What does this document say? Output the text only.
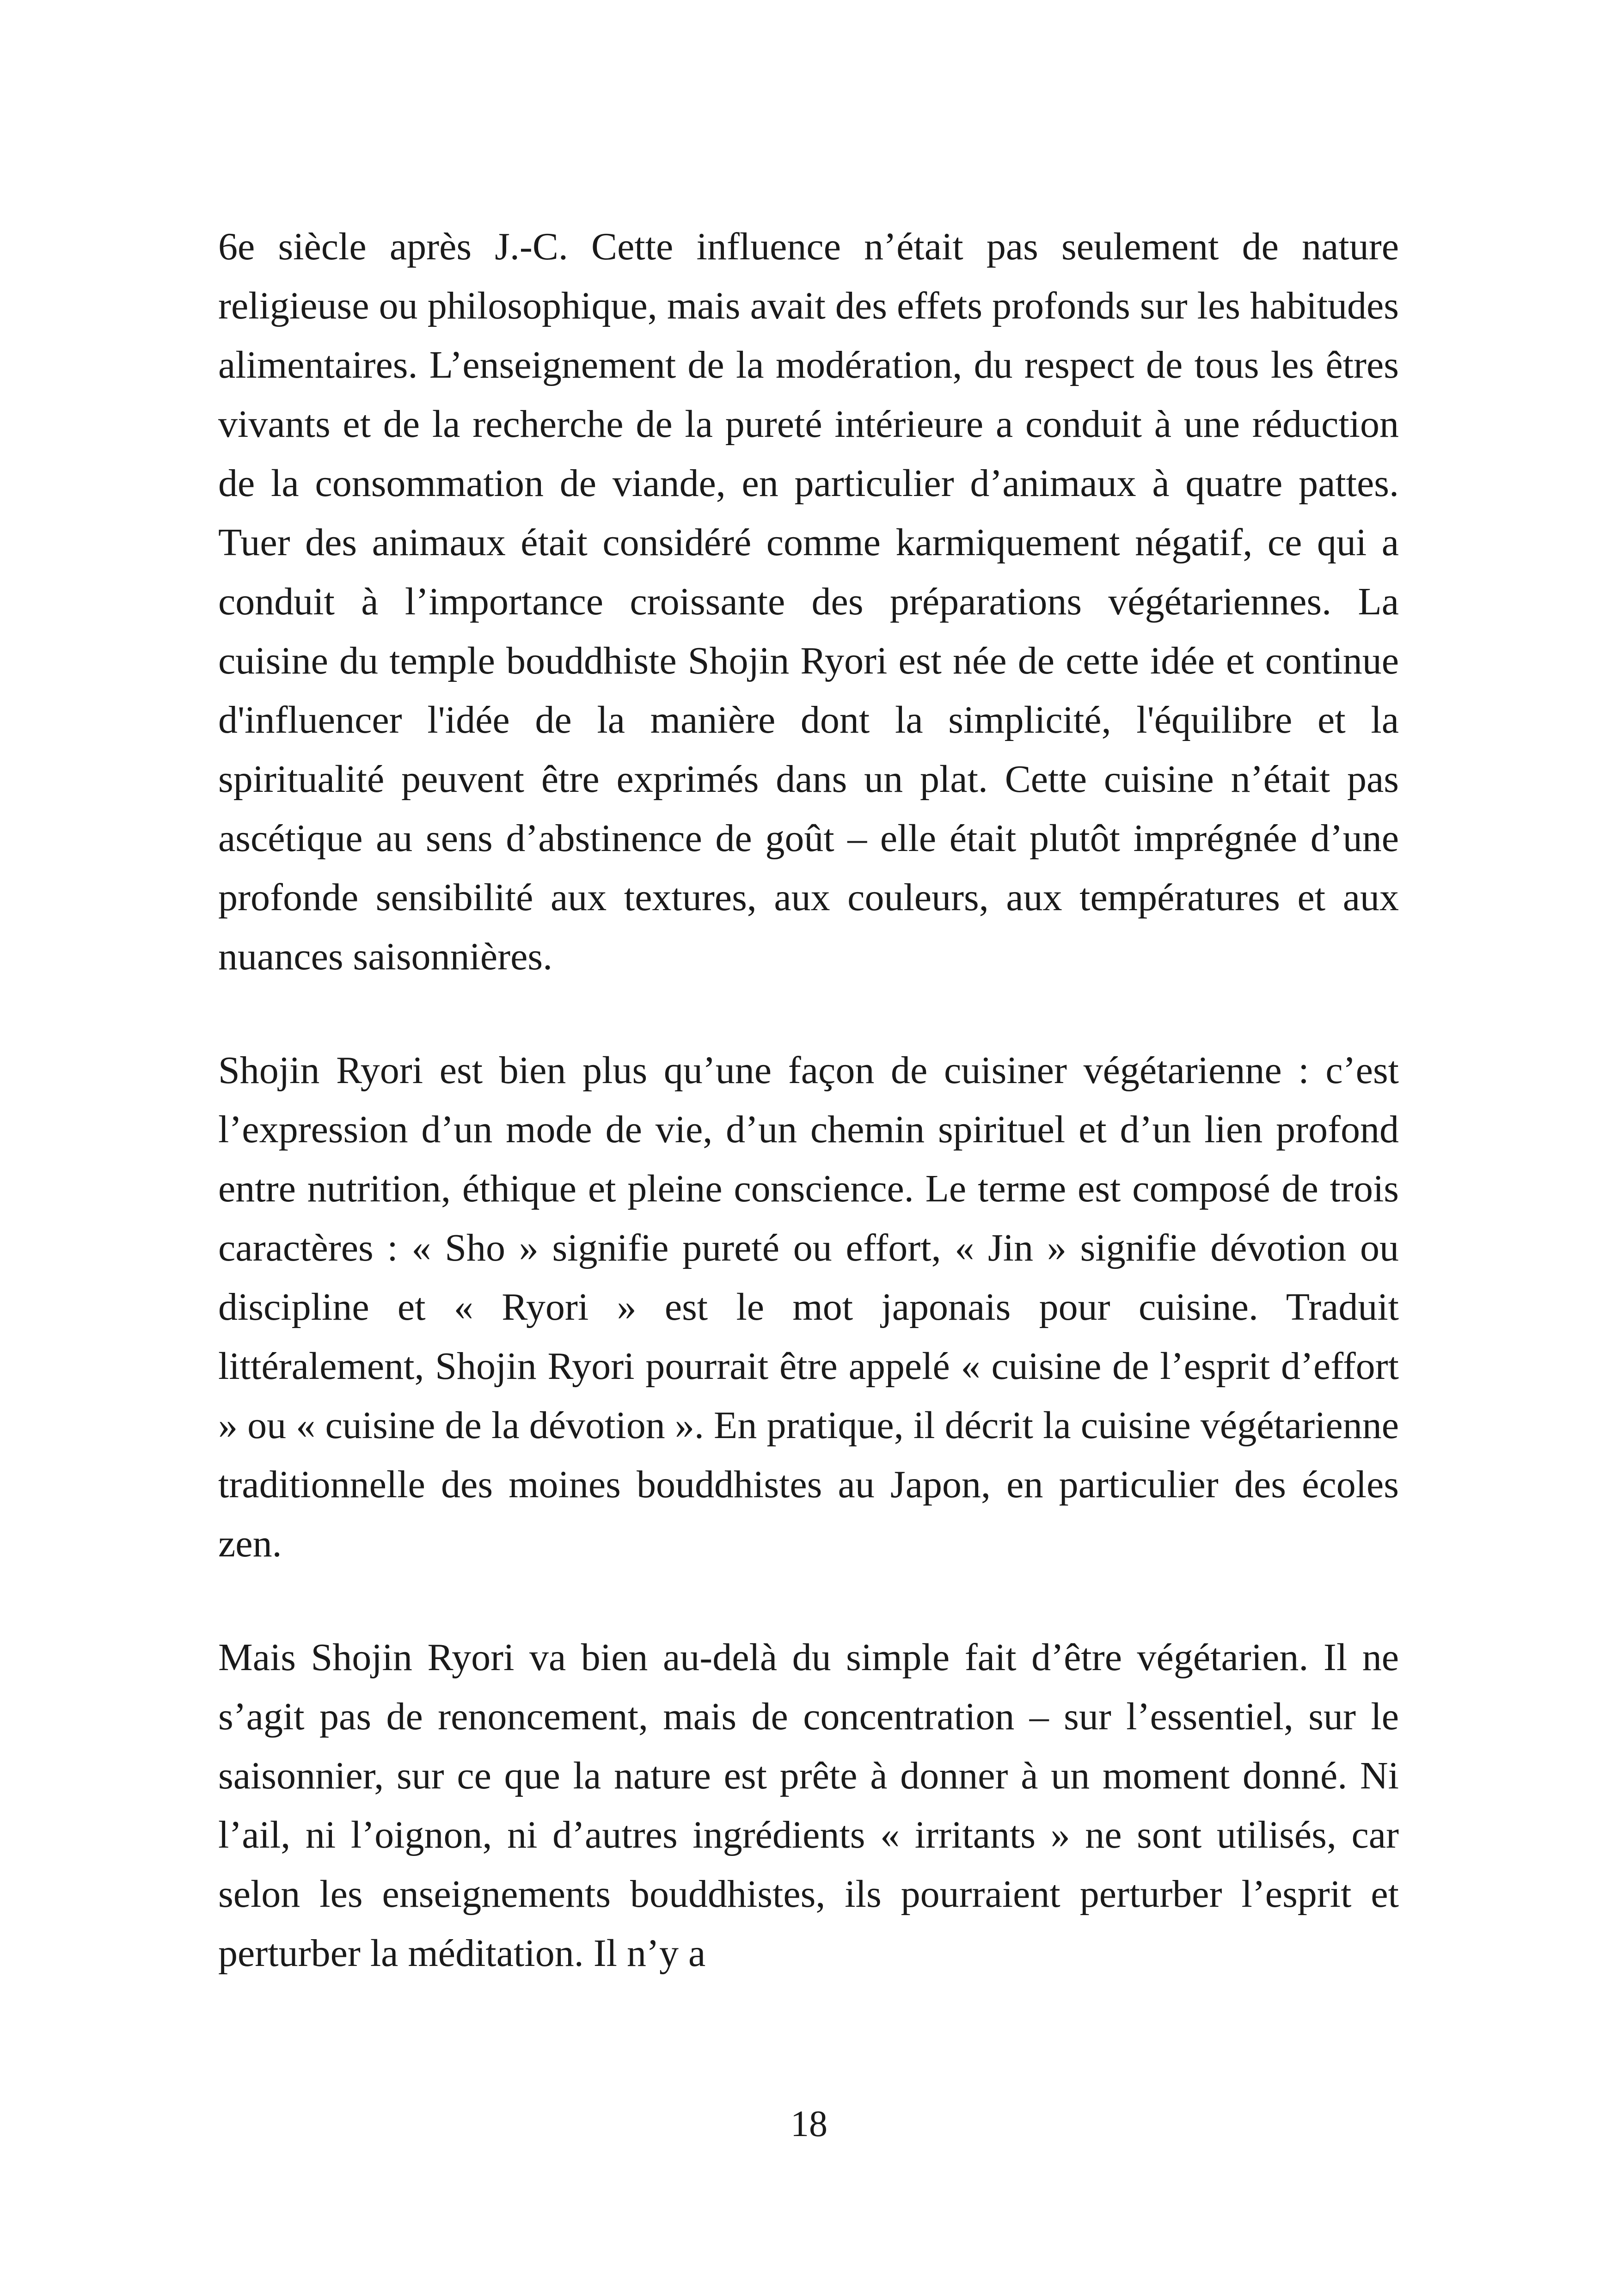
6e siècle après J.-C. Cette influence n’était pas seulement de nature religieuse ou philosophique, mais avait des effets profonds sur les habitudes alimentaires. L’enseignement de la modération, du respect de tous les êtres vivants et de la recherche de la pureté intérieure a conduit à une réduction de la consommation de viande, en particulier d’animaux à quatre pattes. Tuer des animaux était considéré comme karmiquement négatif, ce qui a conduit à l’importance croissante des préparations végétariennes. La cuisine du temple bouddhiste Shojin Ryori est née de cette idée et continue d'influencer l'idée de la manière dont la simplicité, l'équilibre et la spiritualité peuvent être exprimés dans un plat. Cette cuisine n’était pas ascétique au sens d’abstinence de goût – elle était plutôt imprégnée d’une profonde sensibilité aux textures, aux couleurs, aux températures et aux nuances saisonnières.

Shojin Ryori est bien plus qu’une façon de cuisiner végétarienne : c’est l’expression d’un mode de vie, d’un chemin spirituel et d’un lien profond entre nutrition, éthique et pleine conscience. Le terme est composé de trois caractères : « Sho » signifie pureté ou effort, « Jin » signifie dévotion ou discipline et « Ryori » est le mot japonais pour cuisine. Traduit littéralement, Shojin Ryori pourrait être appelé « cuisine de l’esprit d’effort » ou « cuisine de la dévotion ». En pratique, il décrit la cuisine végétarienne traditionnelle des moines bouddhistes au Japon, en particulier des écoles zen.

Mais Shojin Ryori va bien au-delà du simple fait d’être végétarien. Il ne s’agit pas de renoncement, mais de concentration – sur l’essentiel, sur le saisonnier, sur ce que la nature est prête à donner à un moment donné. Ni l’ail, ni l’oignon, ni d’autres ingrédients « irritants » ne sont utilisés, car selon les enseignements bouddhistes, ils pourraient perturber l’esprit et perturber la méditation. Il n’y a

18
